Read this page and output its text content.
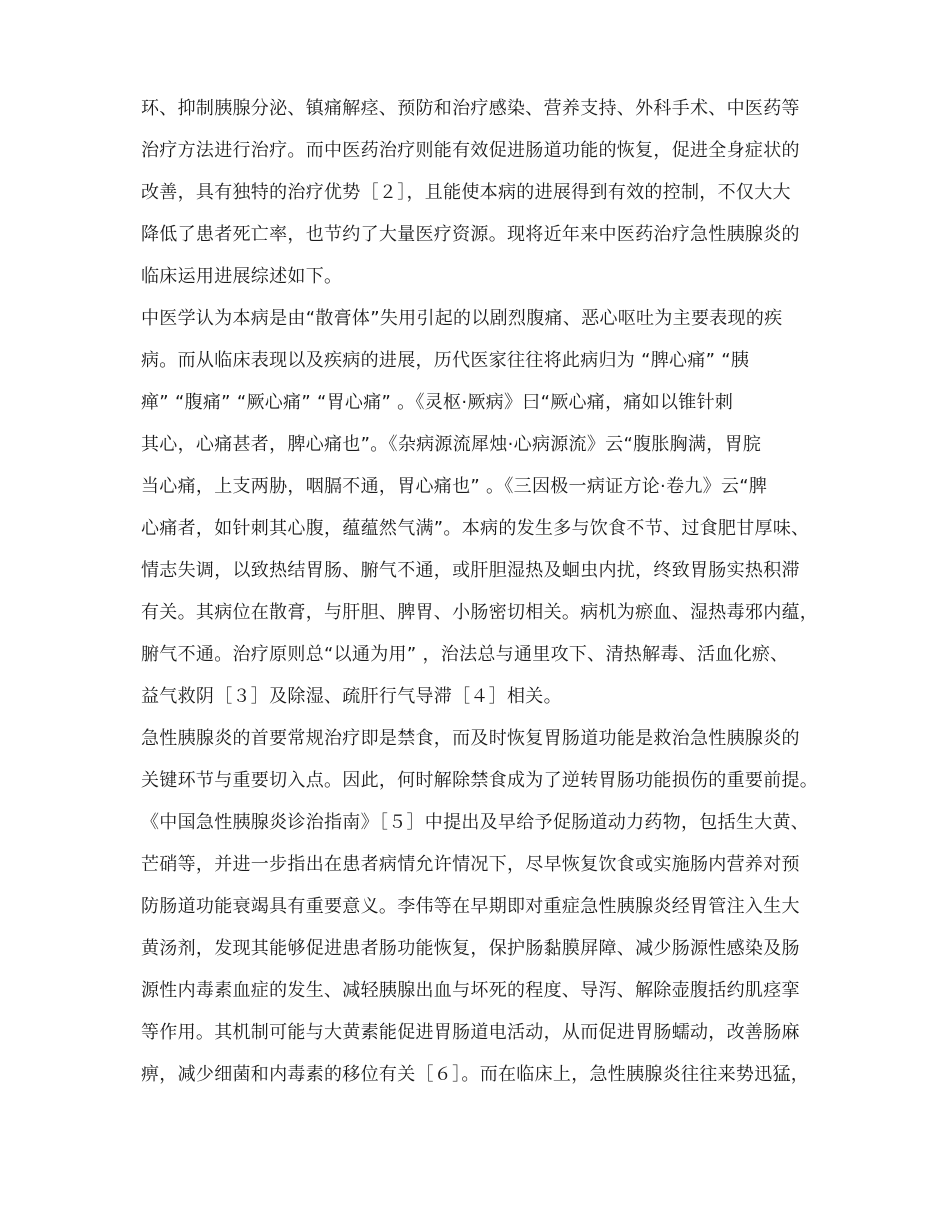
环、抑制胰腺分泌、镇痛解痉、预防和治疗感染、营养支持、外科手术、中医药等
治疗方法进行治疗。而中医药治疗则能有效促进肠道功能的恢复，促进全身症状的
改善，具有独特的治疗优势［２］，且能使本病的进展得到有效的控制，不仅大大
降低了患者死亡率，也节约了大量医疗资源。现将近年来中医药治疗急性胰腺炎的
临床运用进展综述如下。
中医学认为本病是由“散膏体”失用引起的以剧烈腹痛、恶心呕吐为主要表现的疾
病。而从临床表现以及疾病的进展，历代医家往往将此病归为 “脾心痛” “胰
瘅” “腹痛” “厥心痛” “胃心痛” 。《灵枢·厥病》曰“厥心痛，痛如以锥针刺
其心，心痛甚者，脾心痛也”。《杂病源流犀烛·心病源流》云“腹胀胸满，胃脘
当心痛，上支两胁，咽膈不通，胃心痛也” 。《三因极一病证方论·卷九》云“脾
心痛者，如针刺其心腹，蕴蕴然气满”。本病的发生多与饮食不节、过食肥甘厚味、
情志失调，以致热结胃肠、腑气不通，或肝胆湿热及蛔虫内扰，终致胃肠实热积滞
有关。其病位在散膏，与肝胆、脾胃、小肠密切相关。病机为瘀血、湿热毒邪内蕴，
腑气不通。治疗原则总“以通为用” ，治法总与通里攻下、清热解毒、活血化瘀、
益气救阴［３］及除湿、疏肝行气导滞［４］相关。
急性胰腺炎的首要常规治疗即是禁食，而及时恢复胃肠道功能是救治急性胰腺炎的
关键环节与重要切入点。因此，何时解除禁食成为了逆转胃肠功能损伤的重要前提。
《中国急性胰腺炎诊治指南》［５］中提出及早给予促肠道动力药物，包括生大黄、
芒硝等，并进一步指出在患者病情允许情况下，尽早恢复饮食或实施肠内营养对预
防肠道功能衰竭具有重要意义。李伟等在早期即对重症急性胰腺炎经胃管注入生大
黄汤剂，发现其能够促进患者肠功能恢复，保护肠黏膜屏障、减少肠源性感染及肠
源性内毒素血症的发生、减轻胰腺出血与坏死的程度、导泻、解除壶腹括约肌痉挛
等作用。其机制可能与大黄素能促进胃肠道电活动，从而促进胃肠蠕动，改善肠麻
痹，减少细菌和内毒素的移位有关［６］。而在临床上，急性胰腺炎往往来势迅猛，
